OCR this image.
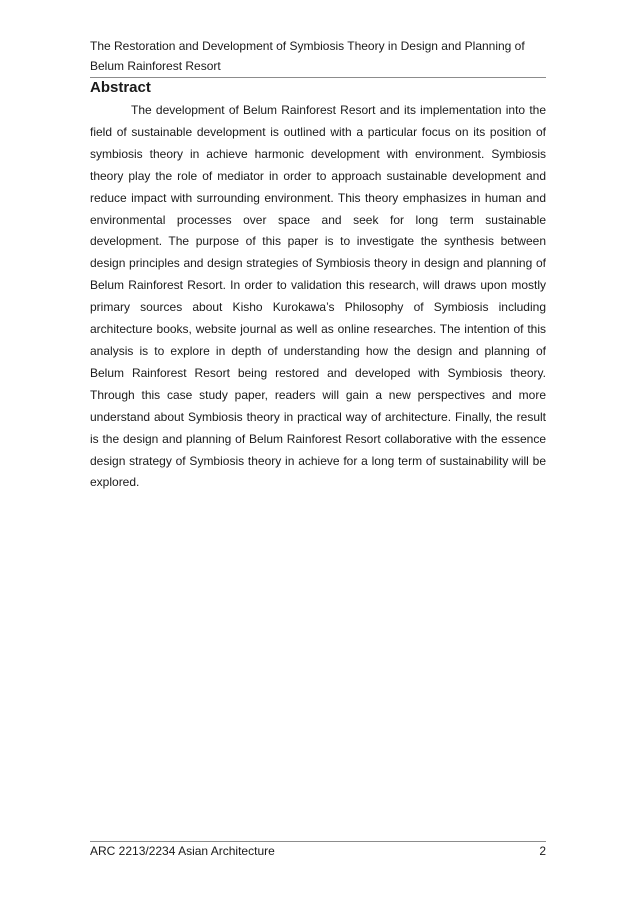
The Restoration and Development of Symbiosis Theory in Design and Planning of Belum Rainforest Resort
Abstract

The development of Belum Rainforest Resort and its implementation into the field of sustainable development is outlined with a particular focus on its position of symbiosis theory in achieve harmonic development with environment. Symbiosis theory play the role of mediator in order to approach sustainable development and reduce impact with surrounding environment. This theory emphasizes in human and environmental processes over space and seek for long term sustainable development. The purpose of this paper is to investigate the synthesis between design principles and design strategies of Symbiosis theory in design and planning of Belum Rainforest Resort. In order to validation this research, will draws upon mostly primary sources about Kisho Kurokawa’s Philosophy of Symbiosis including architecture books, website journal as well as online researches. The intention of this analysis is to explore in depth of understanding how the design and planning of Belum Rainforest Resort being restored and developed with Symbiosis theory. Through this case study paper, readers will gain a new perspectives and more understand about Symbiosis theory in practical way of architecture. Finally, the result is the design and planning of Belum Rainforest Resort collaborative with the essence design strategy of Symbiosis theory in achieve for a long term of sustainability will be explored.

ARC 2213/2234 Asian Architecture	2
